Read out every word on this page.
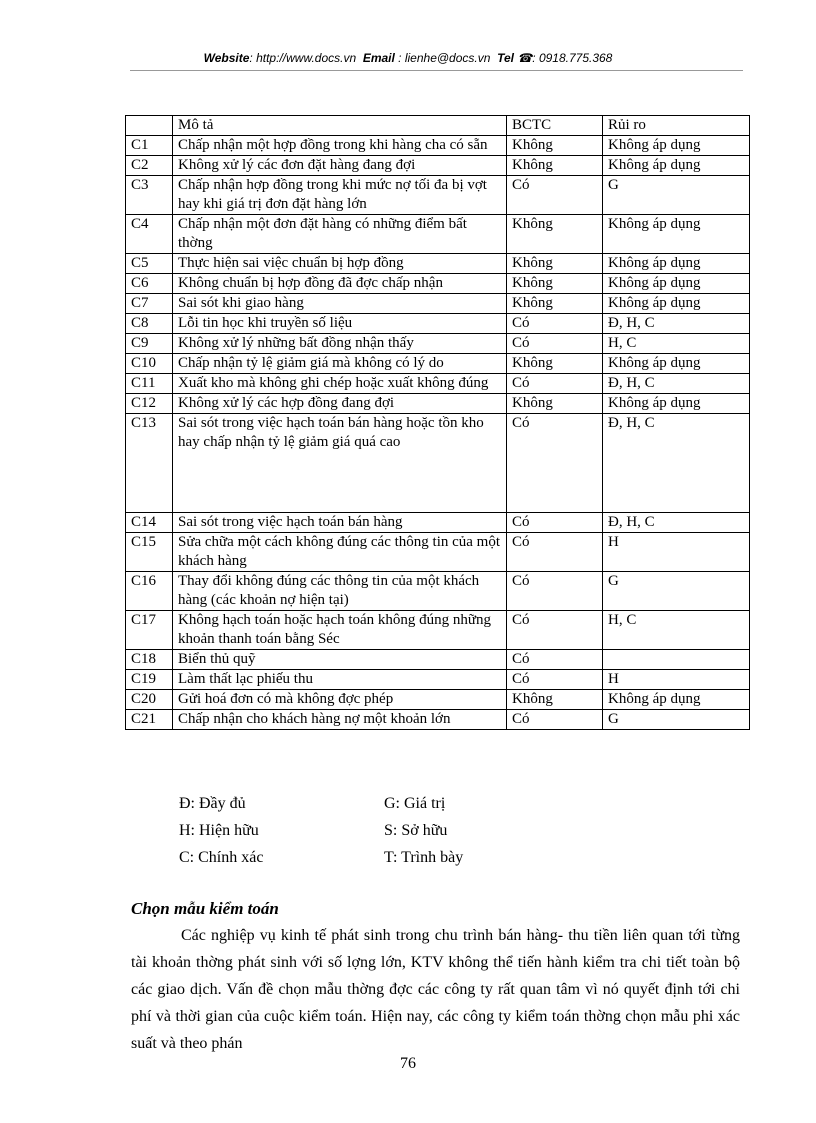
Website: http://www.docs.vn Email : lienhe@docs.vn Tel ☎: 0918.775.368
	Mô tả	BCTC	Rủi ro
C1	Chấp nhận một hợp đồng trong khi hàng cha có sẵn	Không	Không áp dụng
C2	Không xử lý các đơn đặt hàng đang đợi	Không	Không áp dụng
C3	Chấp nhận hợp đồng trong khi mức nợ tối đa bị vợt hay khi giá trị đơn đặt hàng lớn	Có	G
C4	Chấp nhận một đơn đặt hàng có những điểm bất thờng	Không	Không áp dụng
C5	Thực hiện sai việc chuẩn bị hợp đồng	Không	Không áp dụng
C6	Không chuẩn bị hợp đồng đã đợc chấp nhận	Không	Không áp dụng
C7	Sai sót khi giao hàng	Không	Không áp dụng
C8	Lỗi tin học khi truyền số liệu	Có	Đ, H, C
C9	Không xử lý những bất đồng nhận thấy	Có	H, C
C10	Chấp nhận tỷ lệ giảm giá mà không có lý do	Không	Không áp dụng
C11	Xuất kho mà không ghi chép hoặc xuất không đúng	Có	Đ, H, C
C12	Không xử lý các hợp đồng đang đợi	Không	Không áp dụng
C13	Sai sót trong việc hạch toán bán hàng hoặc tồn kho hay chấp nhận tỷ lệ giảm giá quá cao	Có	Đ, H, C
C14	Sai sót trong việc hạch toán bán hàng	Có	Đ, H, C
C15	Sửa chữa một cách không đúng các thông tin của một khách hàng	Có	H
C16	Thay đổi không đúng các thông tin của một khách hàng (các khoản nợ hiện tại)	Có	G
C17	Không hạch toán hoặc hạch toán không đúng những khoản thanh toán bằng Séc	Có	H, C
C18	Biển thủ quỹ	Có	
C19	Làm thất lạc phiếu thu	Có	H
C20	Gửi hoá đơn có mà không đợc phép	Không	Không áp dụng
C21	Chấp nhận cho khách hàng nợ một khoản lớn	Có	G
Đ: Đầy đủ	G: Giá trị
H: Hiện hữu	S: Sở hữu
C: Chính xác	T: Trình bày
Chọn mẫu kiểm toán

Các nghiệp vụ kinh tế phát sinh trong chu trình bán hàng- thu tiền liên quan tới từng tài khoản thờng phát sinh với số lợng lớn, KTV không thể tiến hành kiểm tra chi tiết toàn bộ các giao dịch. Vấn đề chọn mẫu thờng đợc các công ty rất quan tâm vì nó quyết định tới chi phí và thời gian của cuộc kiểm toán. Hiện nay, các công ty kiểm toán thờng chọn mẫu phi xác suất và theo phán

76
